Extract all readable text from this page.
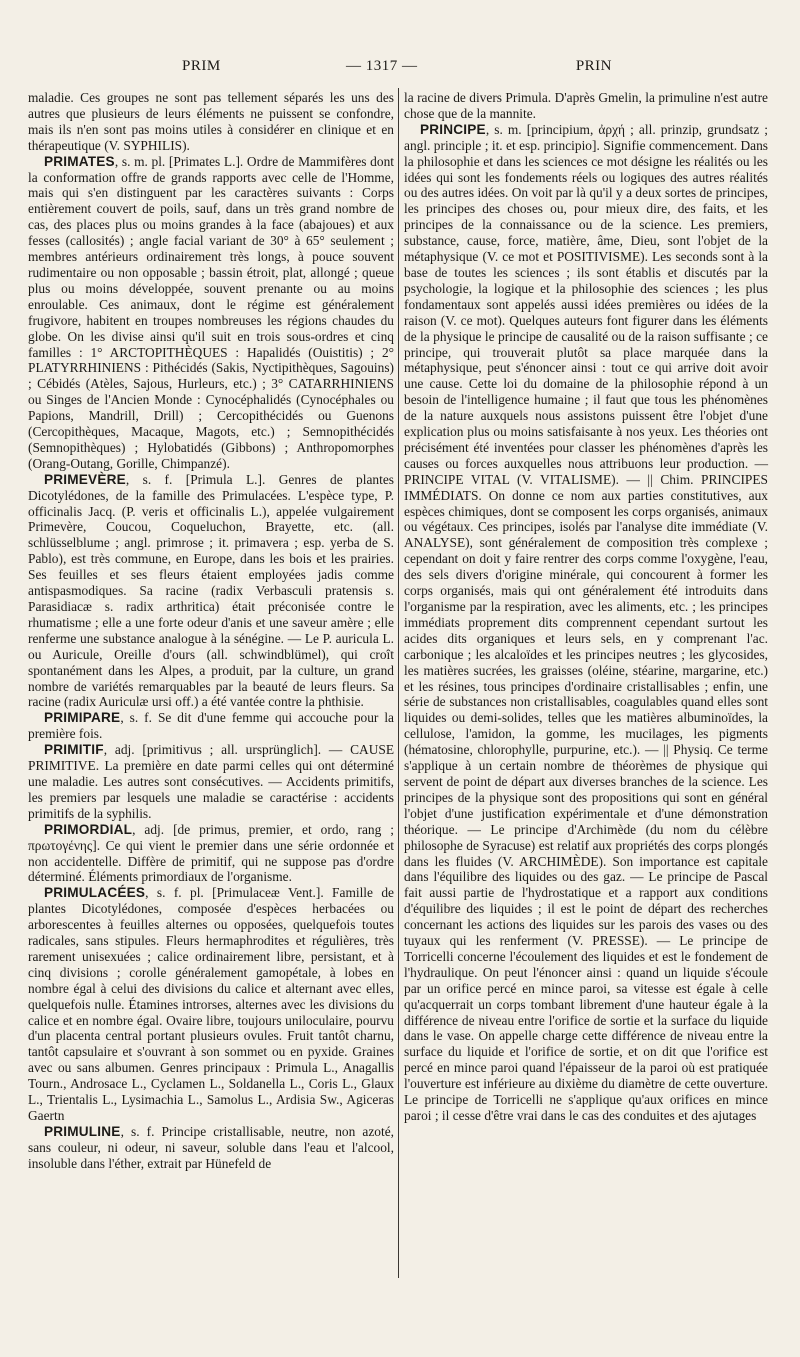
PRIM	— 1317 —	PRIN

maladie. Ces groupes ne sont pas tellement séparés les uns des autres que plusieurs de leurs éléments ne puissent se confondre, mais ils n'en sont pas moins utiles à considérer en clinique et en thérapeutique (V. SYPHILIS).

PRIMATES, s. m. pl. [Primates L.]. Ordre de Mammifères dont la conformation offre de grands rapports avec celle de l'Homme, mais qui s'en distinguent par les caractères suivants : Corps entièrement couvert de poils, sauf, dans un très grand nombre de cas, des places plus ou moins grandes à la face (abajoues) et aux fesses (callosités) ; angle facial variant de 30° à 65° seulement ; membres antérieurs ordinairement très longs, à pouce souvent rudimentaire ou non opposable ; bassin étroit, plat, allongé ; queue plus ou moins développée, souvent prenante ou au moins enroulable. Ces animaux, dont le régime est généralement frugivore, habitent en troupes nombreuses les régions chaudes du globe. On les divise ainsi qu'il suit en trois sous-ordres et cinq familles : 1° ARCTOPITHÈQUES : Hapalidés (Ouistitis) ; 2° PLATYRRHINIENS : Pithécidés (Sakis, Nyctipithèques, Sagouins) ; Cébidés (Atèles, Sajous, Hurleurs, etc.) ; 3° CATARRHINIENS ou Singes de l'Ancien Monde : Cynocéphalidés (Cynocéphales ou Papions, Mandrill, Drill) ; Cercopithécidés ou Guenons (Cercopithèques, Macaque, Magots, etc.) ; Semnopithécidés (Semnopithèques) ; Hylobatidés (Gibbons) ; Anthropomorphes (Orang-Outang, Gorille, Chimpanzé).

PRIMEVÈRE, s. f. [Primula L.]. Genres de plantes Dicotylédones, de la famille des Primulacées. L'espèce type, P. officinalis Jacq. (P. veris et officinalis L.), appelée vulgairement Primevère, Coucou, Coqueluchon, Brayette, etc. (all. schlüsselblume ; angl. primrose ; it. primavera ; esp. yerba de S. Pablo), est très commune, en Europe, dans les bois et les prairies. Ses feuilles et ses fleurs étaient employées jadis comme antispasmodiques. Sa racine (radix Verbasculi pratensis s. Parasidiacæ s. radix arthritica) était préconisée contre le rhumatisme ; elle a une forte odeur d'anis et une saveur amère ; elle renferme une substance analogue à la sénégine. — Le P. auricula L. ou Auricule, Oreille d'ours (all. schwindblümel), qui croît spontanément dans les Alpes, a produit, par la culture, un grand nombre de variétés remarquables par la beauté de leurs fleurs. Sa racine (radix Auriculæ ursi off.) a été vantée contre la phthisie.

PRIMIPARE, s. f. Se dit d'une femme qui accouche pour la première fois.

PRIMITIF, adj. [primitivus ; all. ursprünglich]. — CAUSE PRIMITIVE. La première en date parmi celles qui ont déterminé une maladie. Les autres sont consécutives. — Accidents primitifs, les premiers par lesquels une maladie se caractérise : accidents primitifs de la syphilis.

PRIMORDIAL, adj. [de primus, premier, et ordo, rang ; πρωτογένης]. Ce qui vient le premier dans une série ordonnée et non accidentelle. Diffère de primitif, qui ne suppose pas d'ordre déterminé. Éléments primordiaux de l'organisme.

PRIMULACÉES, s. f. pl. [Primulaceæ Vent.]. Famille de plantes Dicotylédones, composée d'espèces herbacées ou arborescentes à feuilles alternes ou opposées, quelquefois toutes radicales, sans stipules. Fleurs hermaphrodites et régulières, très rarement unisexuées ; calice ordinairement libre, persistant, et à cinq divisions ; corolle généralement gamopétale, à lobes en nombre égal à celui des divisions du calice et alternant avec elles, quelquefois nulle. Étamines introrses, alternes avec les divisions du calice et en nombre égal. Ovaire libre, toujours uniloculaire, pourvu d'un placenta central portant plusieurs ovules. Fruit tantôt charnu, tantôt capsulaire et s'ouvrant à son sommet ou en pyxide. Graines avec ou sans albumen. Genres principaux : Primula L., Anagallis Tourn., Androsace L., Cyclamen L., Soldanella L., Coris L., Glaux L., Trientalis L., Lysimachia L., Samolus L., Ardisia Sw., Agiceras Gaertn

PRIMULINE, s. f. Principe cristallisable, neutre, non azoté, sans couleur, ni odeur, ni saveur, soluble dans l'eau et l'alcool, insoluble dans l'éther, extrait par Hünefeld de

la racine de divers Primula. D'après Gmelin, la primuline n'est autre chose que de la mannite.

PRINCIPE, s. m. [principium, ἀρχή ; all. prinzip, grundsatz ; angl. principle ; it. et esp. principio]. Signifie commencement. Dans la philosophie et dans les sciences ce mot désigne les réalités ou les idées qui sont les fondements réels ou logiques des autres réalités ou des autres idées. On voit par là qu'il y a deux sortes de principes, les principes des choses ou, pour mieux dire, des faits, et les principes de la connaissance ou de la science. Les premiers, substance, cause, force, matière, âme, Dieu, sont l'objet de la métaphysique (V. ce mot et POSITIVISME). Les seconds sont à la base de toutes les sciences ; ils sont établis et discutés par la psychologie, la logique et la philosophie des sciences ; les plus fondamentaux sont appelés aussi idées premières ou idées de la raison (V. ce mot). Quelques auteurs font figurer dans les éléments de la physique le principe de causalité ou de la raison suffisante ; ce principe, qui trouverait plutôt sa place marquée dans la métaphysique, peut s'énoncer ainsi : tout ce qui arrive doit avoir une cause. Cette loi du domaine de la philosophie répond à un besoin de l'intelligence humaine ; il faut que tous les phénomènes de la nature auxquels nous assistons puissent être l'objet d'une explication plus ou moins satisfaisante à nos yeux. Les théories ont précisément été inventées pour classer les phénomènes d'après les causes ou forces auxquelles nous attribuons leur production. — PRINCIPE VITAL (V. VITALISME). — || Chim. PRINCIPES IMMÉDIATS. On donne ce nom aux parties constitutives, aux espèces chimiques, dont se composent les corps organisés, animaux ou végétaux. Ces principes, isolés par l'analyse dite immédiate (V. ANALYSE), sont généralement de composition très complexe ; cependant on doit y faire rentrer des corps comme l'oxygène, l'eau, des sels divers d'origine minérale, qui concourent à former les corps organisés, mais qui ont généralement été introduits dans l'organisme par la respiration, avec les aliments, etc. ; les principes immédiats proprement dits comprennent cependant surtout les acides dits organiques et leurs sels, en y comprenant l'ac. carbonique ; les alcaloïdes et les principes neutres ; les glycosides, les matières sucrées, les graisses (oléine, stéarine, margarine, etc.) et les résines, tous principes d'ordinaire cristallisables ; enfin, une série de substances non cristallisables, coagulables quand elles sont liquides ou demi-solides, telles que les matières albuminoïdes, la cellulose, l'amidon, la gomme, les mucilages, les pigments (hématosine, chlorophylle, purpurine, etc.). — || Physiq. Ce terme s'applique à un certain nombre de théorèmes de physique qui servent de point de départ aux diverses branches de la science. Les principes de la physique sont des propositions qui sont en général l'objet d'une justification expérimentale et d'une démonstration théorique. — Le principe d'Archimède (du nom du célèbre philosophe de Syracuse) est relatif aux propriétés des corps plongés dans les fluides (V. ARCHIMÈDE). Son importance est capitale dans l'équilibre des liquides ou des gaz. — Le principe de Pascal fait aussi partie de l'hydrostatique et a rapport aux conditions d'équilibre des liquides ; il est le point de départ des recherches concernant les actions des liquides sur les parois des vases ou des tuyaux qui les renferment (V. PRESSE). — Le principe de Torricelli concerne l'écoulement des liquides et est le fondement de l'hydraulique. On peut l'énoncer ainsi : quand un liquide s'écoule par un orifice percé en mince paroi, sa vitesse est égale à celle qu'acquerrait un corps tombant librement d'une hauteur égale à la différence de niveau entre l'orifice de sortie et la surface du liquide dans le vase. On appelle charge cette différence de niveau entre la surface du liquide et l'orifice de sortie, et on dit que l'orifice est percé en mince paroi quand l'épaisseur de la paroi où est pratiquée l'ouverture est inférieure au dixième du diamètre de cette ouverture. Le principe de Torricelli ne s'applique qu'aux orifices en mince paroi ; il cesse d'être vrai dans le cas des conduites et des ajutages
